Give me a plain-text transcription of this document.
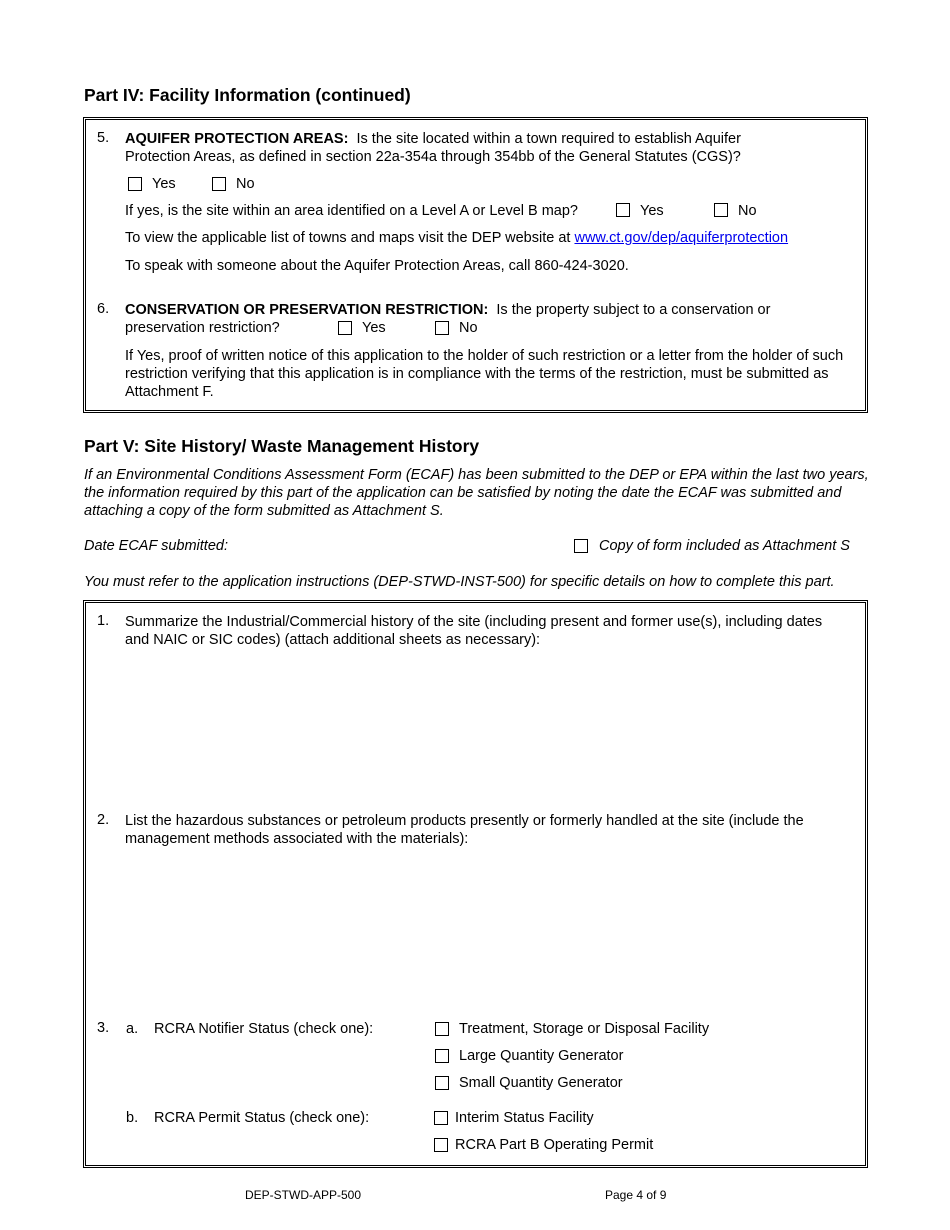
Part IV: Facility Information (continued)
5. AQUIFER PROTECTION AREAS: Is the site located within a town required to establish Aquifer
Protection Areas, as defined in section 22a-354a through 354bb of the General Statutes (CGS)?
Yes	No
If yes, is the site within an area identified on a Level A or Level B map?	Yes	No
To view the applicable list of towns and maps visit the DEP website at www.ct.gov/dep/aquiferprotection
To speak with someone about the Aquifer Protection Areas, call 860-424-3020.
6. CONSERVATION OR PRESERVATION RESTRICTION: Is the property subject to a conservation or
preservation restriction?	Yes	No
If Yes, proof of written notice of this application to the holder of such restriction or a letter from the holder of such restriction verifying that this application is in compliance with the terms of the restriction, must be submitted as Attachment F.
Part V: Site History/ Waste Management History
If an Environmental Conditions Assessment Form (ECAF) has been submitted to the DEP or EPA within the last two years, the information required by this part of the application can be satisfied by noting the date the ECAF was submitted and attaching a copy of the form submitted as Attachment S.
Date ECAF submitted:	Copy of form included as Attachment S
You must refer to the application instructions (DEP-STWD-INST-500) for specific details on how to complete this part.
1. Summarize the Industrial/Commercial history of the site (including present and former use(s), including dates and NAIC or SIC codes) (attach additional sheets as necessary):
2. List the hazardous substances or petroleum products presently or formerly handled at the site (include the management methods associated with the materials):
3. a. RCRA Notifier Status (check one):	Treatment, Storage or Disposal Facility
Large Quantity Generator
Small Quantity Generator
b. RCRA Permit Status (check one):	Interim Status Facility
RCRA Part B Operating Permit
DEP-STWD-APP-500	Page 4 of 9
